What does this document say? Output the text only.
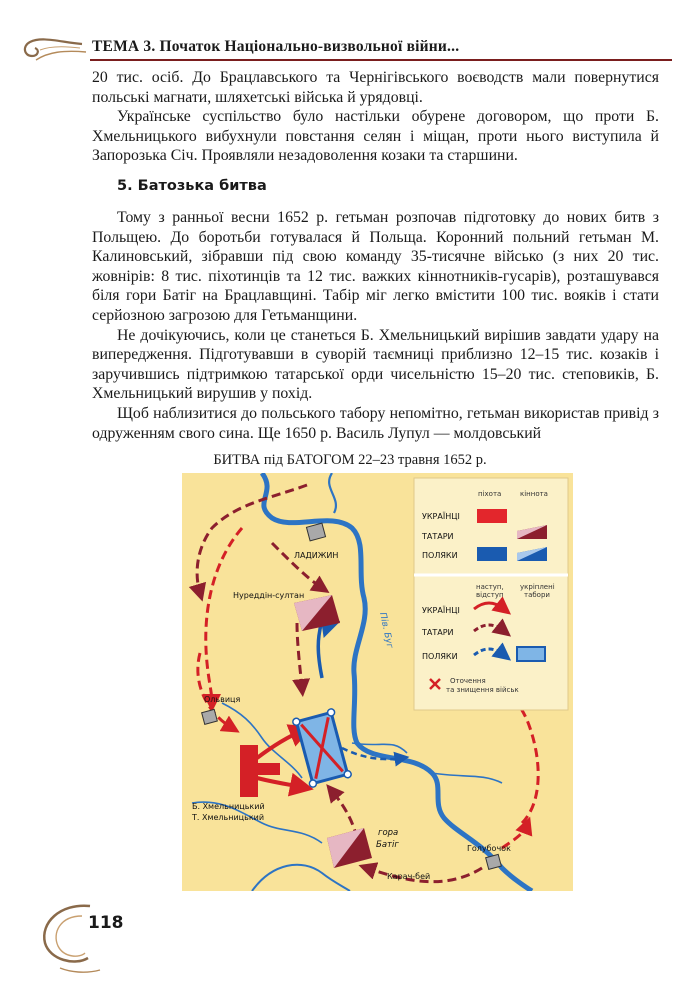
ТЕМА 3. Початок Національно-визвольної війни...

20 тис. осіб. До Брацлавського та Чернігівського воєводств мали повернутися польські магнати, шляхетські війська й урядовці.

Українське суспільство було настільки обурене договором, що проти Б. Хмельницького вибухнули повстання селян і міщан, проти нього виступила й Запорозька Січ. Проявляли незадоволення козаки та старшини.

5. Батозька битва

Тому з ранньої весни 1652 р. гетьман розпочав підготовку до нових битв з Польщею. До боротьби готувалася й Польща. Коронний польний гетьман М. Калиновський, зібравши під свою команду 35-тисячне військо (з них 20 тис. жовнірів: 8 тис. піхотинців та 12 тис. важких кіннотників-гусарів), розташувався біля гори Батіг на Брацлавщині. Табір міг легко вмістити 100 тис. вояків і стати серйозною загрозою для Гетьманщини.

Не дочікуючись, коли це станеться Б. Хмельницький вирішив завдати удару на випередження. Підготувавши в суворій таємниці приблизно 12–15 тис. козаків і заручившись підтримкою татарської орди чисельністю 15–20 тис. степовиків, Б. Хмельницький вирушив у похід.

Щоб наблизитися до польського табору непомітно, гетьман використав привід з одруженням свого сина. Ще 1650 р. Василь Лупул — молдовський

БИТВА під БАТОГОМ 22–23 травня 1652 р.
Пів. Буг
ЛАДИЖИН
Нуреддін-султан
Ольвиця
Б. Хмельницький
Т. Хмельницький
гора
Батіг	Голубочок
Карач-бей
піхота	кіннота
УКРАЇНЦІ
ТАТАРИ
ПОЛЯКИ
наступ,
відступ
укріплені
табори
УКРАЇНЦІ
ТАТАРИ
ПОЛЯКИ
Оточення
та знищення військ
118
